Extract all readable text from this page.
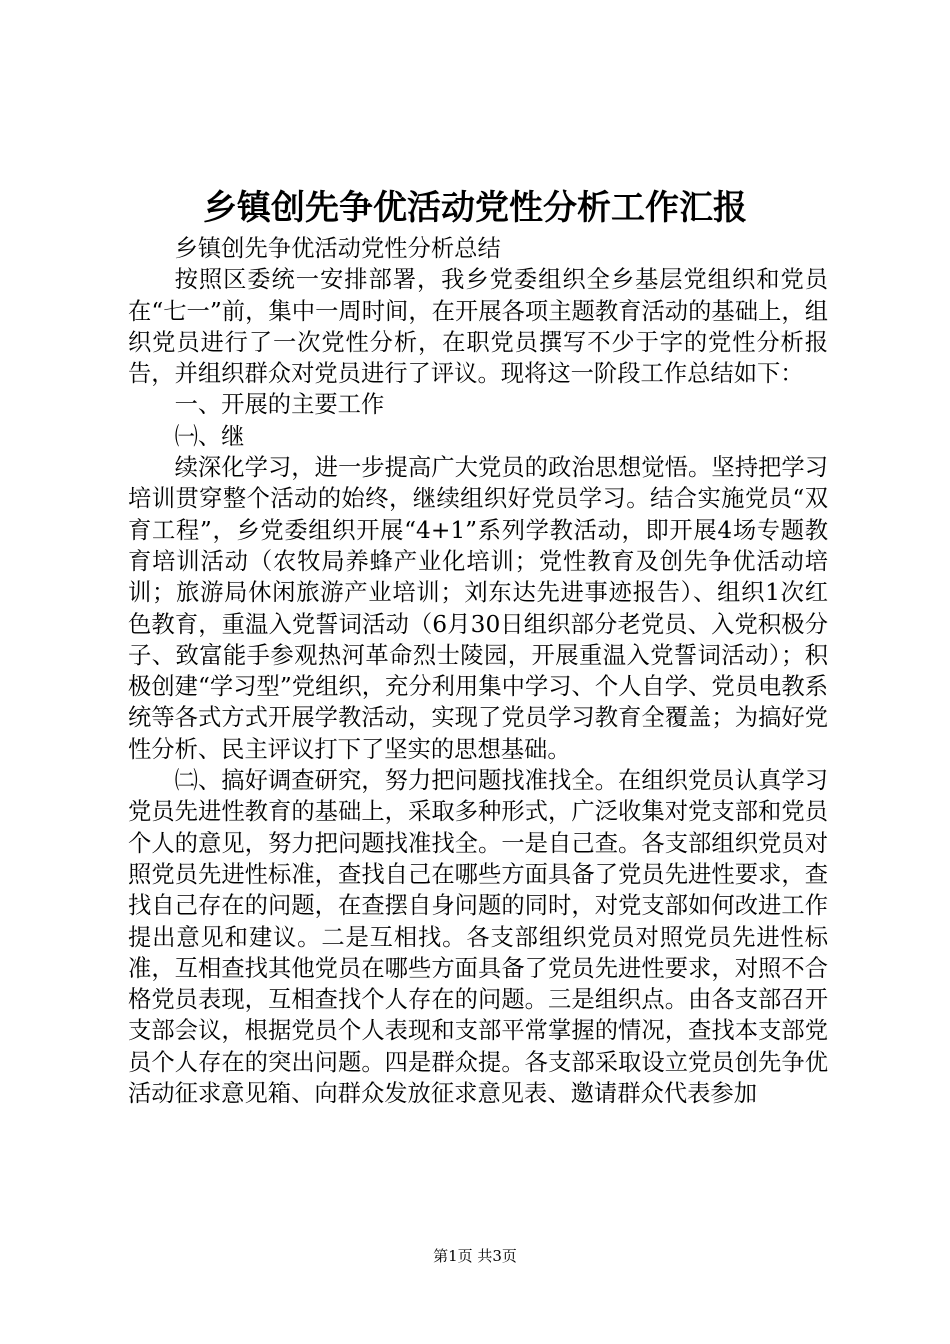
乡镇创先争优活动党性分析工作汇报

乡镇创先争优活动党性分析总结

按照区委统一安排部署，我乡党委组织全乡基层党组织和党员在“七一”前，集中一周时间，在开展各项主题教育活动的基础上，组织党员进行了一次党性分析，在职党员撰写不少于字的党性分析报告，并组织群众对党员进行了评议。现将这一阶段工作总结如下：

一、开展的主要工作

㈠、继

续深化学习，进一步提高广大党员的政治思想觉悟。坚持把学习培训贯穿整个活动的始终，继续组织好党员学习。结合实施党员“双育工程”，乡党委组织开展“4+1”系列学教活动，即开展4场专题教育培训活动（农牧局养蜂产业化培训；党性教育及创先争优活动培训；旅游局休闲旅游产业培训；刘东达先进事迹报告）、组织1次红色教育，重温入党誓词活动（6月30日组织部分老党员、入党积极分子、致富能手参观热河革命烈士陵园，开展重温入党誓词活动）；积极创建“学习型”党组织，充分利用集中学习、个人自学、党员电教系统等各式方式开展学教活动，实现了党员学习教育全覆盖；为搞好党性分析、民主评议打下了坚实的思想基础。

㈡、搞好调查研究，努力把问题找准找全。在组织党员认真学习党员先进性教育的基础上，采取多种形式，广泛收集对党支部和党员个人的意见，努力把问题找准找全。一是自己查。各支部组织党员对照党员先进性标准，查找自己在哪些方面具备了党员先进性要求，查找自己存在的问题，在查摆自身问题的同时，对党支部如何改进工作提出意见和建议。二是互相找。各支部组织党员对照党员先进性标准，互相查找其他党员在哪些方面具备了党员先进性要求，对照不合格党员表现，互相查找个人存在的问题。三是组织点。由各支部召开支部会议，根据党员个人表现和支部平常掌握的情况，查找本支部党员个人存在的突出问题。四是群众提。各支部采取设立党员创先争优活动征求意见箱、向群众发放征求意见表、邀请群众代表参加

第1页 共3页
